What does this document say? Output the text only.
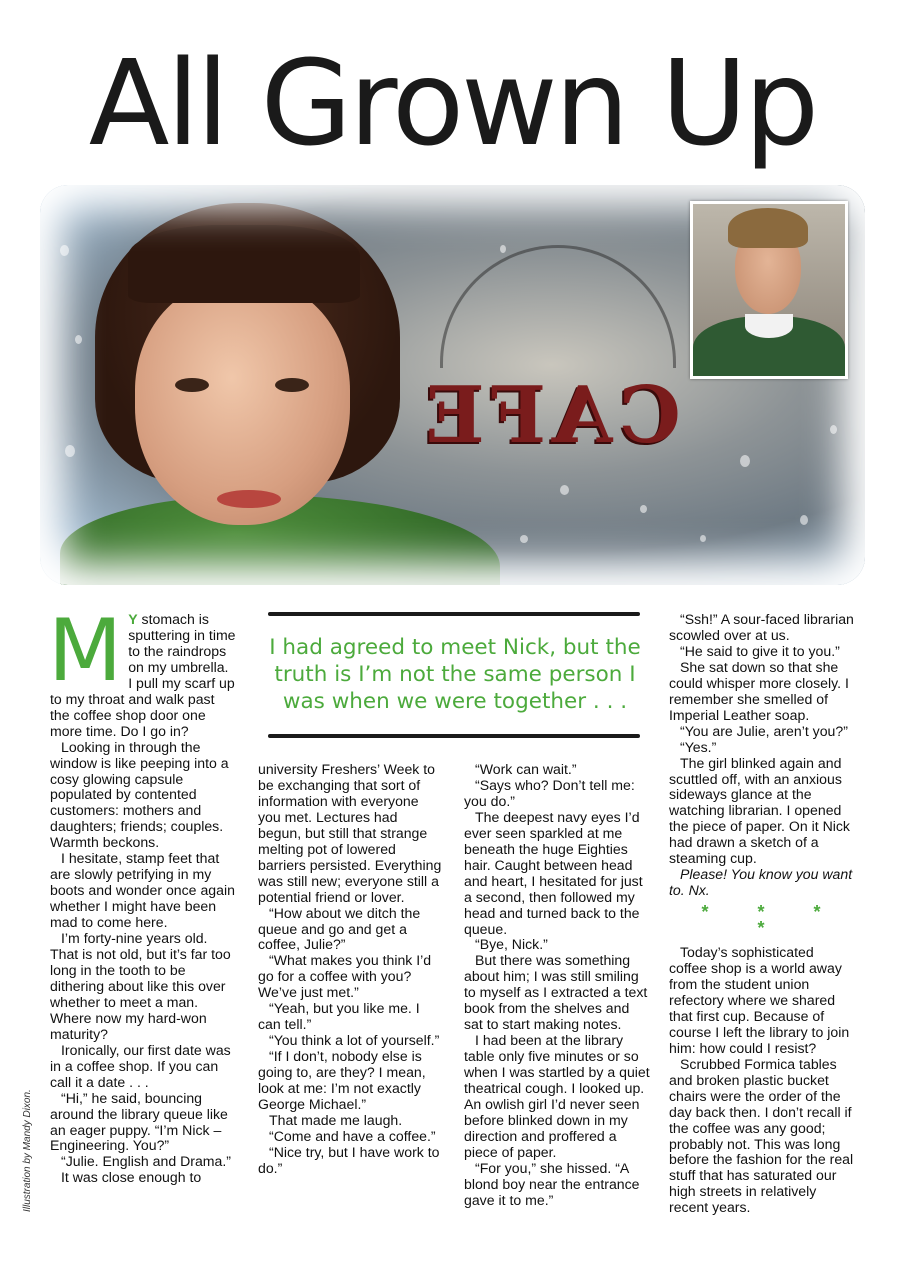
All Grown Up
CAFE
Illustration by Mandy Dixon.
I had agreed to meet Nick, but the truth is I’m not the same person I was when we were together . . .
M Y stomach is sputtering in time to the raindrops on my umbrella. I pull my scarf up to my throat and walk past the coffee shop door one more time. Do I go in?

Looking in through the window is like peeping into a cosy glowing capsule populated by contented customers: mothers and daughters; friends; couples. Warmth beckons.

I hesitate, stamp feet that are slowly petrifying in my boots and wonder once again whether I might have been mad to come here.

I’m forty-nine years old. That is not old, but it’s far too long in the tooth to be dithering about like this over whether to meet a man. Where now my hard-won maturity?

Ironically, our first date was in a coffee shop. If you can call it a date . . .

“Hi,” he said, bouncing around the library queue like an eager puppy. “I’m Nick – Engineering. You?”

“Julie. English and Drama.”

It was close enough to

university Freshers’ Week to be exchanging that sort of information with everyone you met. Lectures had begun, but still that strange melting pot of lowered barriers persisted. Everything was still new; everyone still a potential friend or lover.

“How about we ditch the queue and go and get a coffee, Julie?”

“What makes you think I’d go for a coffee with you? We’ve just met.”

“Yeah, but you like me. I can tell.”

“You think a lot of yourself.”

“If I don’t, nobody else is going to, are they? I mean, look at me: I’m not exactly George Michael.”

That made me laugh.

“Come and have a coffee.”

“Nice try, but I have work to do.”

“Work can wait.”

“Says who? Don’t tell me: you do.”

The deepest navy eyes I’d ever seen sparkled at me beneath the huge Eighties hair. Caught between head and heart, I hesitated for just a second, then followed my head and turned back to the queue.

“Bye, Nick.”

But there was something about him; I was still smiling to myself as I extracted a text book from the shelves and sat to start making notes.

I had been at the library table only five minutes or so when I was startled by a quiet theatrical cough. I looked up. An owlish girl I’d never seen before blinked down in my direction and proffered a piece of paper.

“For you,” she hissed. “A blond boy near the entrance gave it to me.”

“Ssh!” A sour-faced librarian scowled over at us.

“He said to give it to you.”

She sat down so that she could whisper more closely. I remember she smelled of Imperial Leather soap.

“You are Julie, aren’t you?”

“Yes.”

The girl blinked again and scuttled off, with an anxious sideways glance at the watching librarian. I opened the piece of paper. On it Nick had drawn a sketch of a steaming cup.

Please! You know you want to. Nx.

* * * *

Today’s sophisticated coffee shop is a world away from the student union refectory where we shared that first cup. Because of course I left the library to join him: how could I resist?

Scrubbed Formica tables and broken plastic bucket chairs were the order of the day back then. I don’t recall if the coffee was any good; probably not. This was long before the fashion for the real stuff that has saturated our high streets in relatively recent years.
